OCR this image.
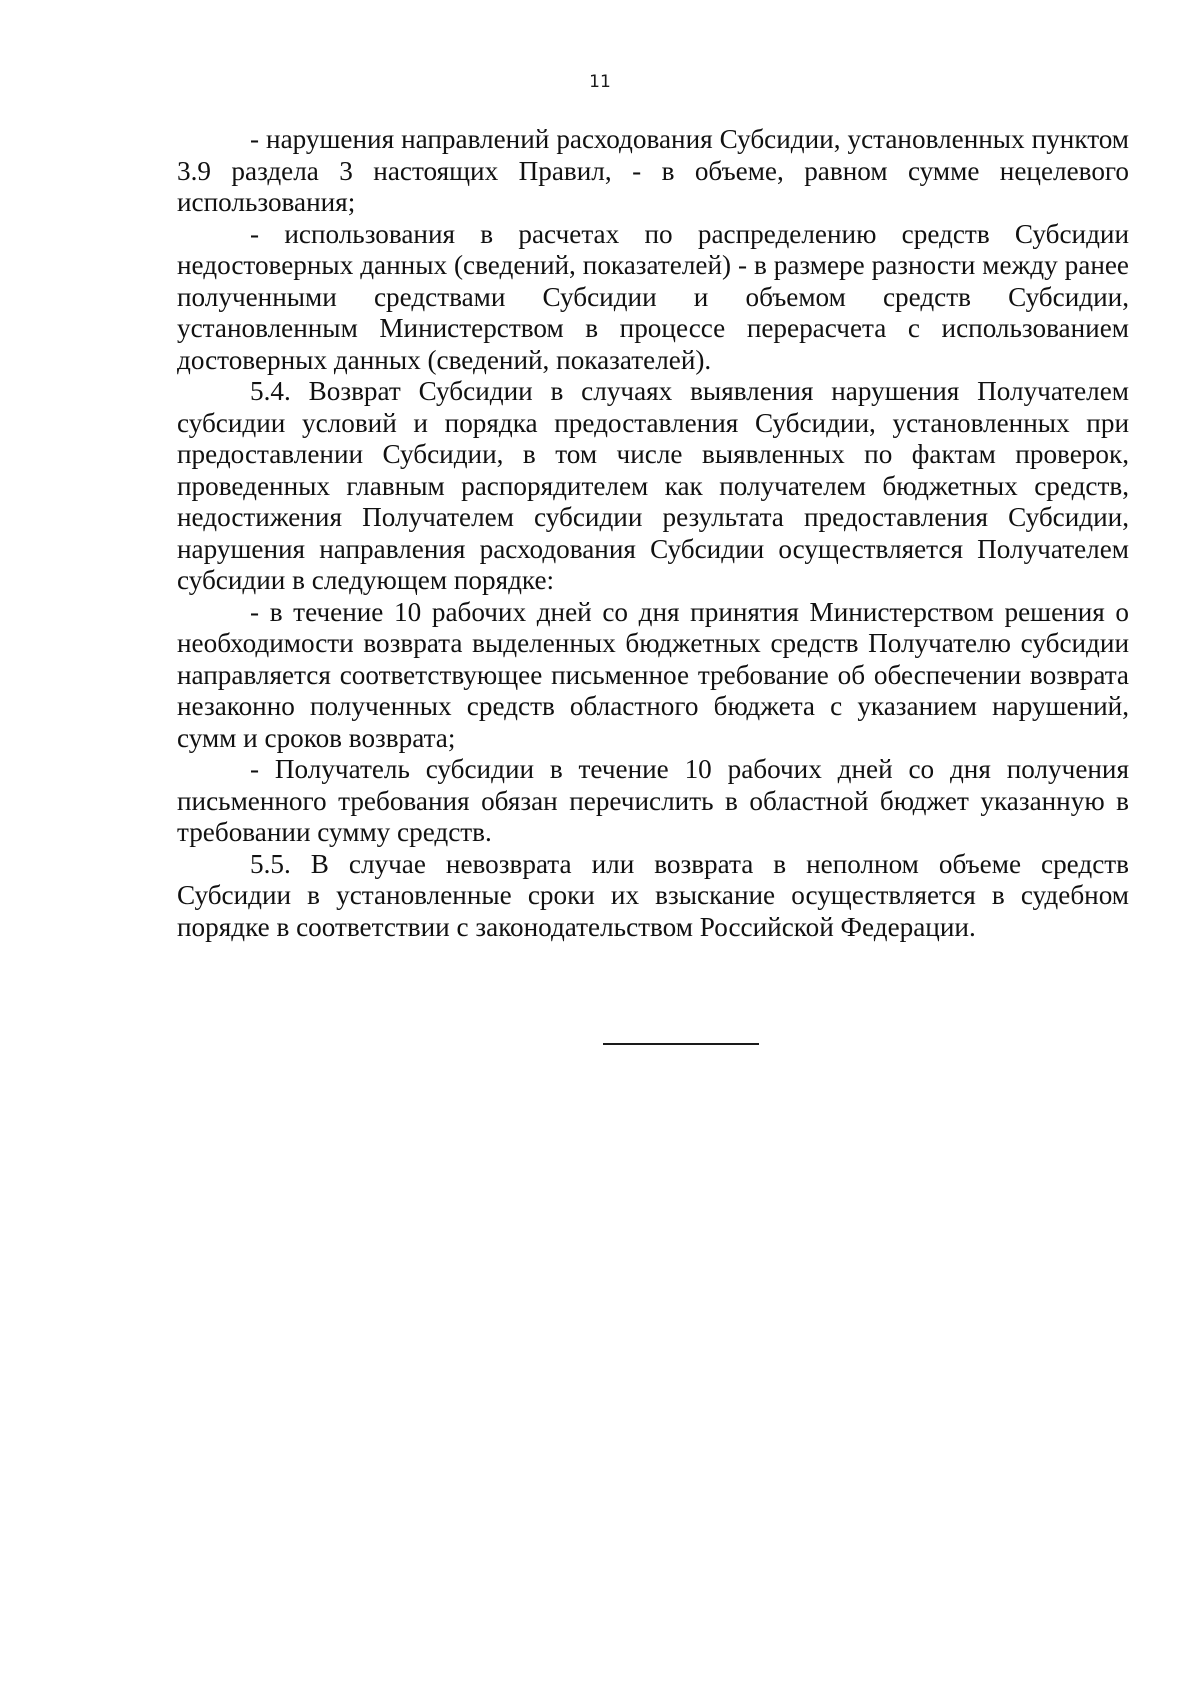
11

- нарушения направлений расходования Субсидии, установленных пунктом 3.9 раздела 3 настоящих Правил, - в объеме, равном сумме нецелевого использования;

- использования в расчетах по распределению средств Субсидии недостоверных данных (сведений, показателей) - в размере разности между ранее полученными средствами Субсидии и объемом средств Субсидии, установленным Министерством в процессе перерасчета с использованием достоверных данных (сведений, показателей).

5.4. Возврат Субсидии в случаях выявления нарушения Получателем субсидии условий и порядка предоставления Субсидии, установленных при предоставлении Субсидии, в том числе выявленных по фактам проверок, проведенных главным распорядителем как получателем бюджетных средств, недостижения Получателем субсидии результата предоставления Субсидии, нарушения направления расходования Субсидии осуществляется Получателем субсидии в следующем порядке:

- в течение 10 рабочих дней со дня принятия Министерством решения о необходимости возврата выделенных бюджетных средств Получателю субсидии направляется соответствующее письменное требование об обеспечении возврата незаконно полученных средств областного бюджета с указанием нарушений, сумм и сроков возврата;

- Получатель субсидии в течение 10 рабочих дней со дня получения письменного требования обязан перечислить в областной бюджет указанную в требовании сумму средств.

5.5. В случае невозврата или возврата в неполном объеме средств Субсидии в установленные сроки их взыскание осуществляется в судебном порядке в соответствии с законодательством Российской Федерации.
